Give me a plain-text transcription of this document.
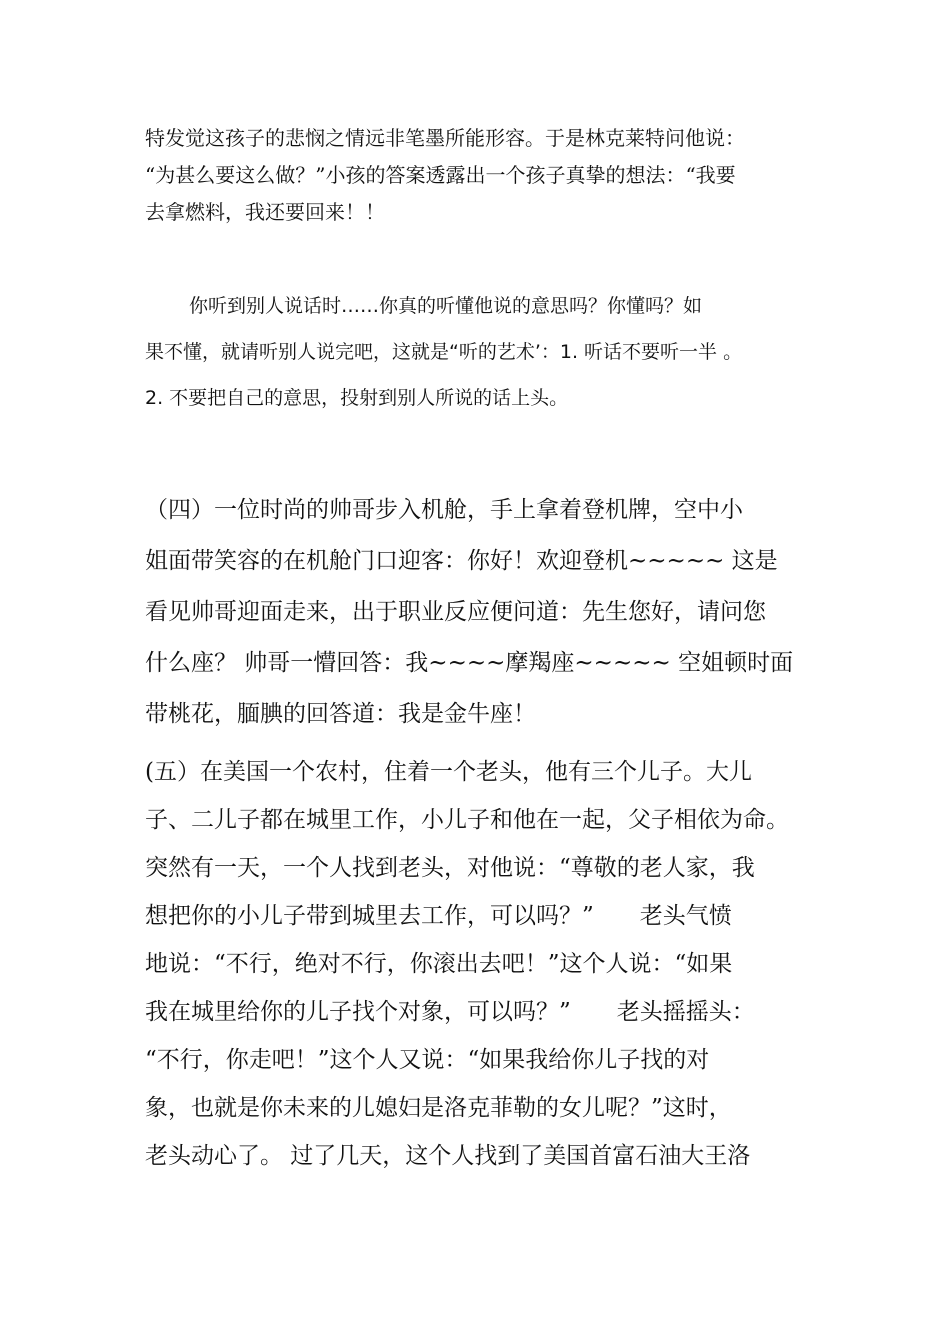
特发觉这孩子的悲悯之情远非笔墨所能形容。于是林克莱特问他说：
“为甚么要这么做？”小孩的答案透露出一个孩子真挚的想法：“我要
去拿燃料，我还要回来！！

你听到别人说话时……你真的听懂他说的意思吗？你懂吗？如
果不懂，就请听别人说完吧，这就是“听的艺术’：1. 听话不要听一半 。
2. 不要把自己的意思，投射到别人所说的话上头。

（四）一位时尚的帅哥步入机舱，手上拿着登机牌，空中小
姐面带笑容的在机舱门口迎客：你好！欢迎登机~~~~~ 这是
看见帅哥迎面走来，出于职业反应便问道：先生您好，请问您
什么座？ 帅哥一懵回答：我~~~~摩羯座~~~~~ 空姐顿时面
带桃花，腼腆的回答道：我是金牛座！

(五）在美国一个农村，住着一个老头，他有三个儿子。大儿
子、二儿子都在城里工作，小儿子和他在一起，父子相依为命。
突然有一天，一个人找到老头，对他说：“尊敬的老人家，我
想把你的小儿子带到城里去工作，可以吗？”　　老头气愤
地说：“不行，绝对不行，你滚出去吧！”这个人说：“如果
我在城里给你的儿子找个对象，可以吗？”　　老头摇摇头：
“不行，你走吧！”这个人又说：“如果我给你儿子找的对
象，也就是你未来的儿媳妇是洛克菲勒的女儿呢？”这时，
老头动心了。 过了几天，这个人找到了美国首富石油大王洛
